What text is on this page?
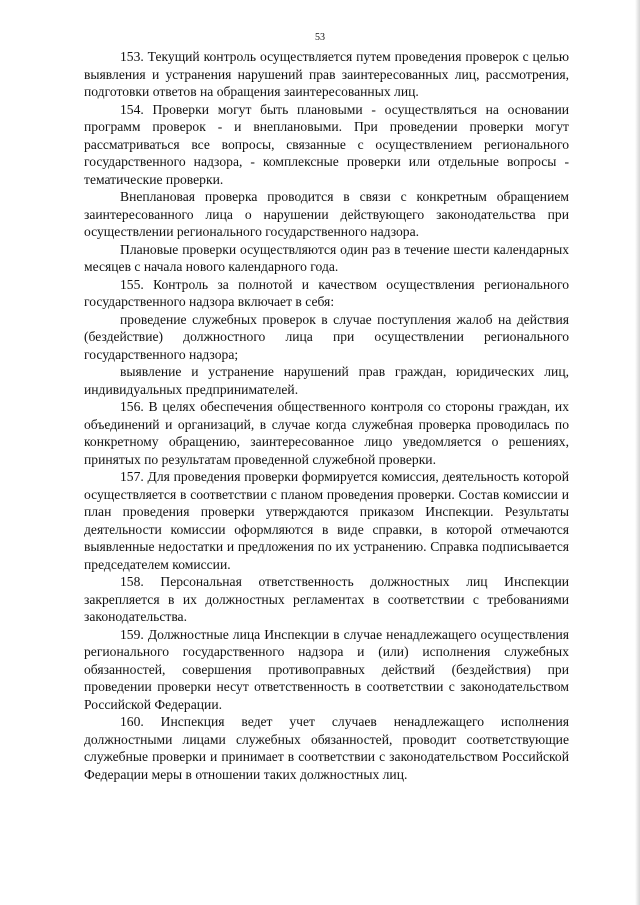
53

153. Текущий контроль осуществляется путем проведения проверок с целью выявления и устранения нарушений прав заинтересованных лиц, рассмотрения, подготовки ответов на обращения заинтересованных лиц.

154. Проверки могут быть плановыми - осуществляться на основании программ проверок - и внеплановыми. При проведении проверки могут рассматриваться все вопросы, связанные с осуществлением регионального государственного надзора, - комплексные проверки или отдельные вопросы - тематические проверки.

Внеплановая проверка проводится в связи с конкретным обращением заинтересованного лица о нарушении действующего законодательства при осуществлении регионального государственного надзора.

Плановые проверки осуществляются один раз в течение шести календарных месяцев с начала нового календарного года.

155. Контроль за полнотой и качеством осуществления регионального государственного надзора включает в себя:

проведение служебных проверок в случае поступления жалоб на действия (бездействие) должностного лица при осуществлении регионального государственного надзора;

выявление и устранение нарушений прав граждан, юридических лиц, индивидуальных предпринимателей.

156. В целях обеспечения общественного контроля со стороны граждан, их объединений и организаций, в случае когда служебная проверка проводилась по конкретному обращению, заинтересованное лицо уведомляется о решениях, принятых по результатам проведенной служебной проверки.

157. Для проведения проверки формируется комиссия, деятельность которой осуществляется в соответствии с планом проведения проверки. Состав комиссии и план проведения проверки утверждаются приказом Инспекции. Результаты деятельности комиссии оформляются в виде справки, в которой отмечаются выявленные недостатки и предложения по их устранению. Справка подписывается председателем комиссии.

158. Персональная ответственность должностных лиц Инспекции закрепляется в их должностных регламентах в соответствии с требованиями законодательства.

159. Должностные лица Инспекции в случае ненадлежащего осуществления регионального государственного надзора и (или) исполнения служебных обязанностей, совершения противоправных действий (бездействия) при проведении проверки несут ответственность в соответствии с законодательством Российской Федерации.

160. Инспекция ведет учет случаев ненадлежащего исполнения должностными лицами служебных обязанностей, проводит соответствующие служебные проверки и принимает в соответствии с законодательством Российской Федерации меры в отношении таких должностных лиц.
